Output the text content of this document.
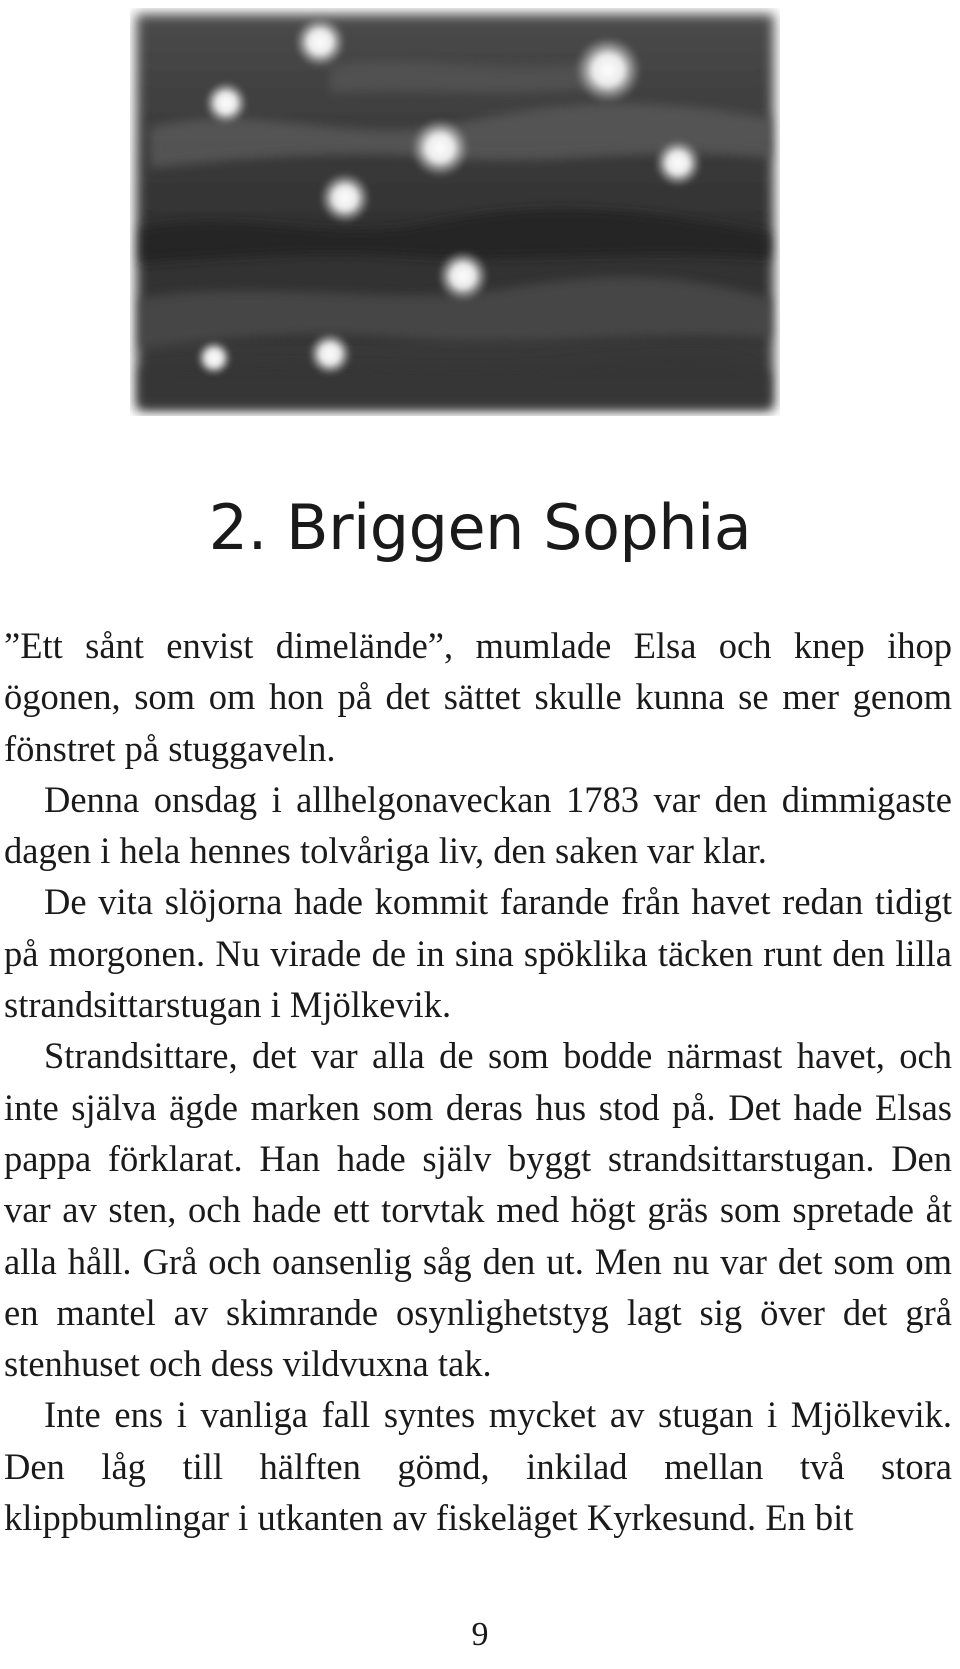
2. Briggen Sophia

”Ett sånt envist dimelände”, mumlade Elsa och knep ihop ögonen, som om hon på det sättet skulle kunna se mer genom fönstret på stuggaveln.

Denna onsdag i allhelgonaveckan 1783 var den dimmigaste dagen i hela hennes tolvåriga liv, den saken var klar.

De vita slöjorna hade kommit farande från havet redan tidigt på morgonen. Nu virade de in sina spöklika täcken runt den lilla strandsittarstugan i Mjölkevik.

Strandsittare, det var alla de som bodde närmast havet, och inte själva ägde marken som deras hus stod på. Det hade Elsas pappa förklarat. Han hade själv byggt strandsittarstugan. Den var av sten, och hade ett torvtak med högt gräs som spretade åt alla håll. Grå och oansenlig såg den ut. Men nu var det som om en mantel av skimrande osynlighetstyg lagt sig över det grå stenhuset och dess vildvuxna tak.

Inte ens i vanliga fall syntes mycket av stugan i Mjölkevik. Den låg till hälften gömd, inkilad mellan två stora klippbumlingar i utkanten av fiskeläget Kyrkesund. En bit

9
